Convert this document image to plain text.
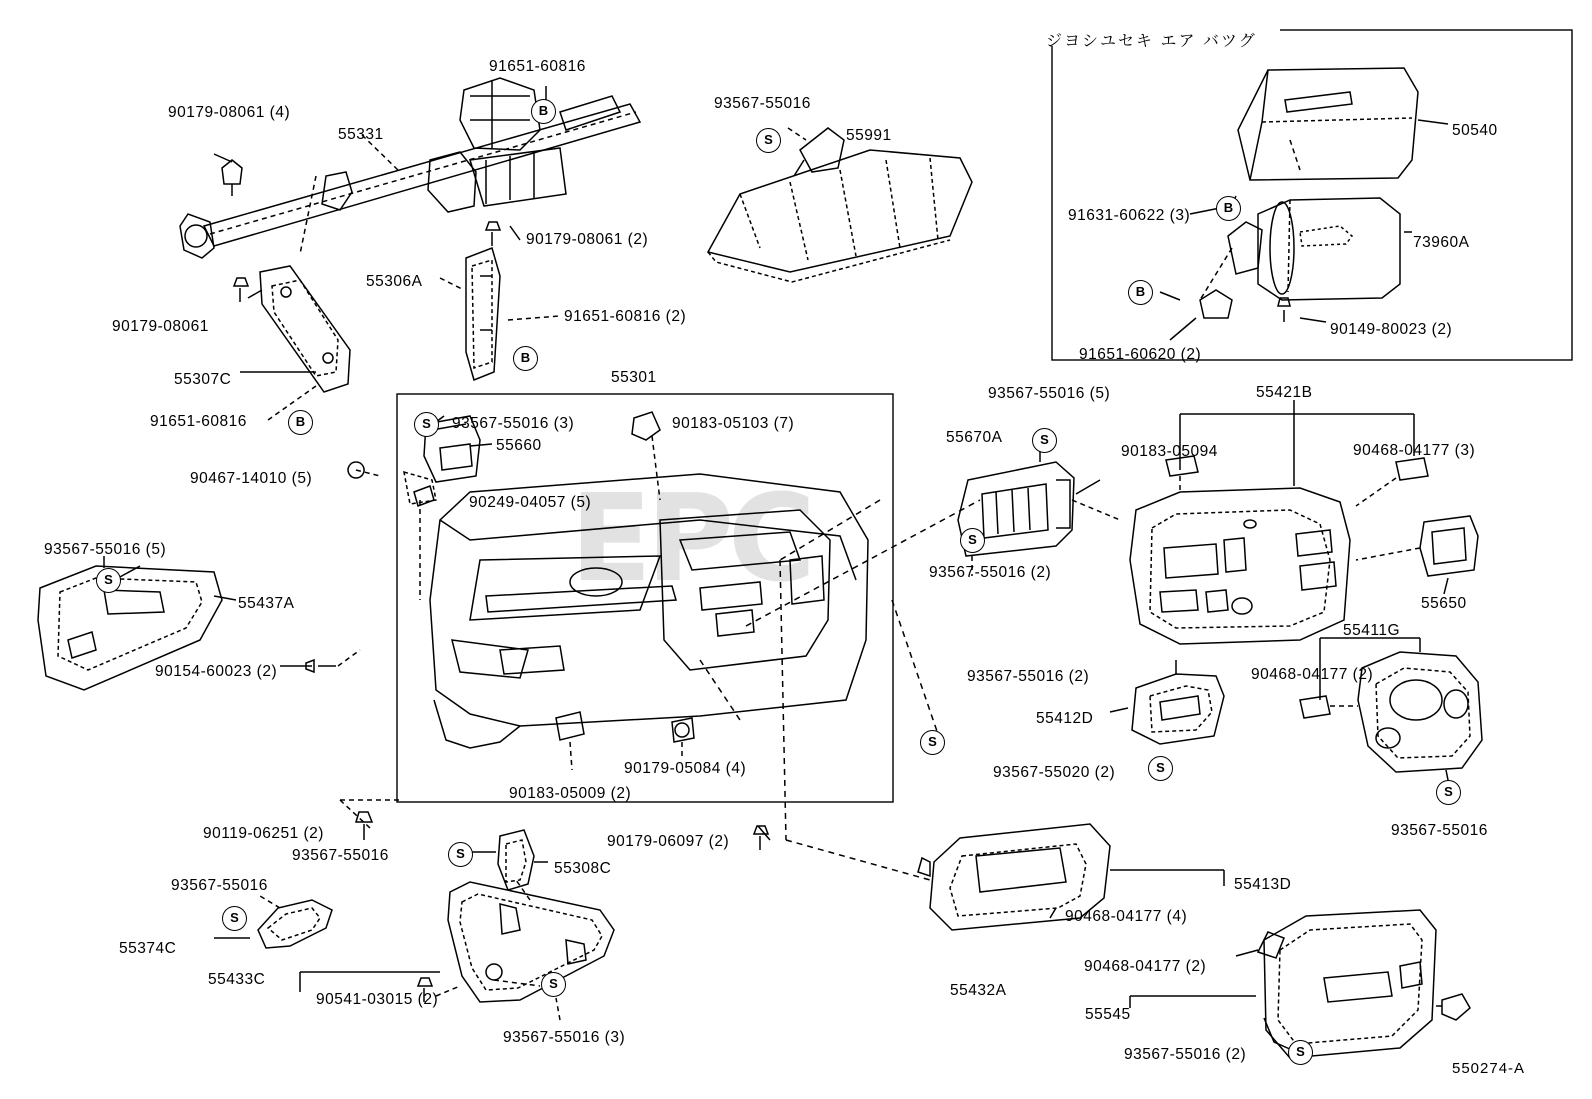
EPC
B
S
B
B	S
S
S
S
S
S
S
S
S
S
S
B
B
ジヨシユセキ エア バツグ
550274-A
90179-08061 (4)
91651-60816
55331
93567-55016
55991
90179-08061 (2)
55306A
90179-08061
91651-60816 (2)
55307C
91651-60816
55301
93567-55016 (3)
55660
90183-05103 (7)
90467-14010 (5)
90249-04057 (5)
93567-55016 (5)
55437A
90154-60023 (2)
90179-05084 (4)
90183-05009 (2)
90119-06251 (2)
93567-55016
90179-06097 (2)
55308C
93567-55016
55374C
55433C
90541-03015 (2)
93567-55016 (3)
93567-55016 (5)
55670A
90183-05094
55421B
90468-04177 (3)
93567-55016 (2)
55650
55411G
90468-04177 (2)
93567-55016 (2)
55412D
93567-55020 (2)
93567-55016
55413D
90468-04177 (4)
90468-04177 (2)
55432A
55545
93567-55016 (2)
50540
91631-60622 (3)
73960A
90149-80023 (2)
91651-60620 (2)
